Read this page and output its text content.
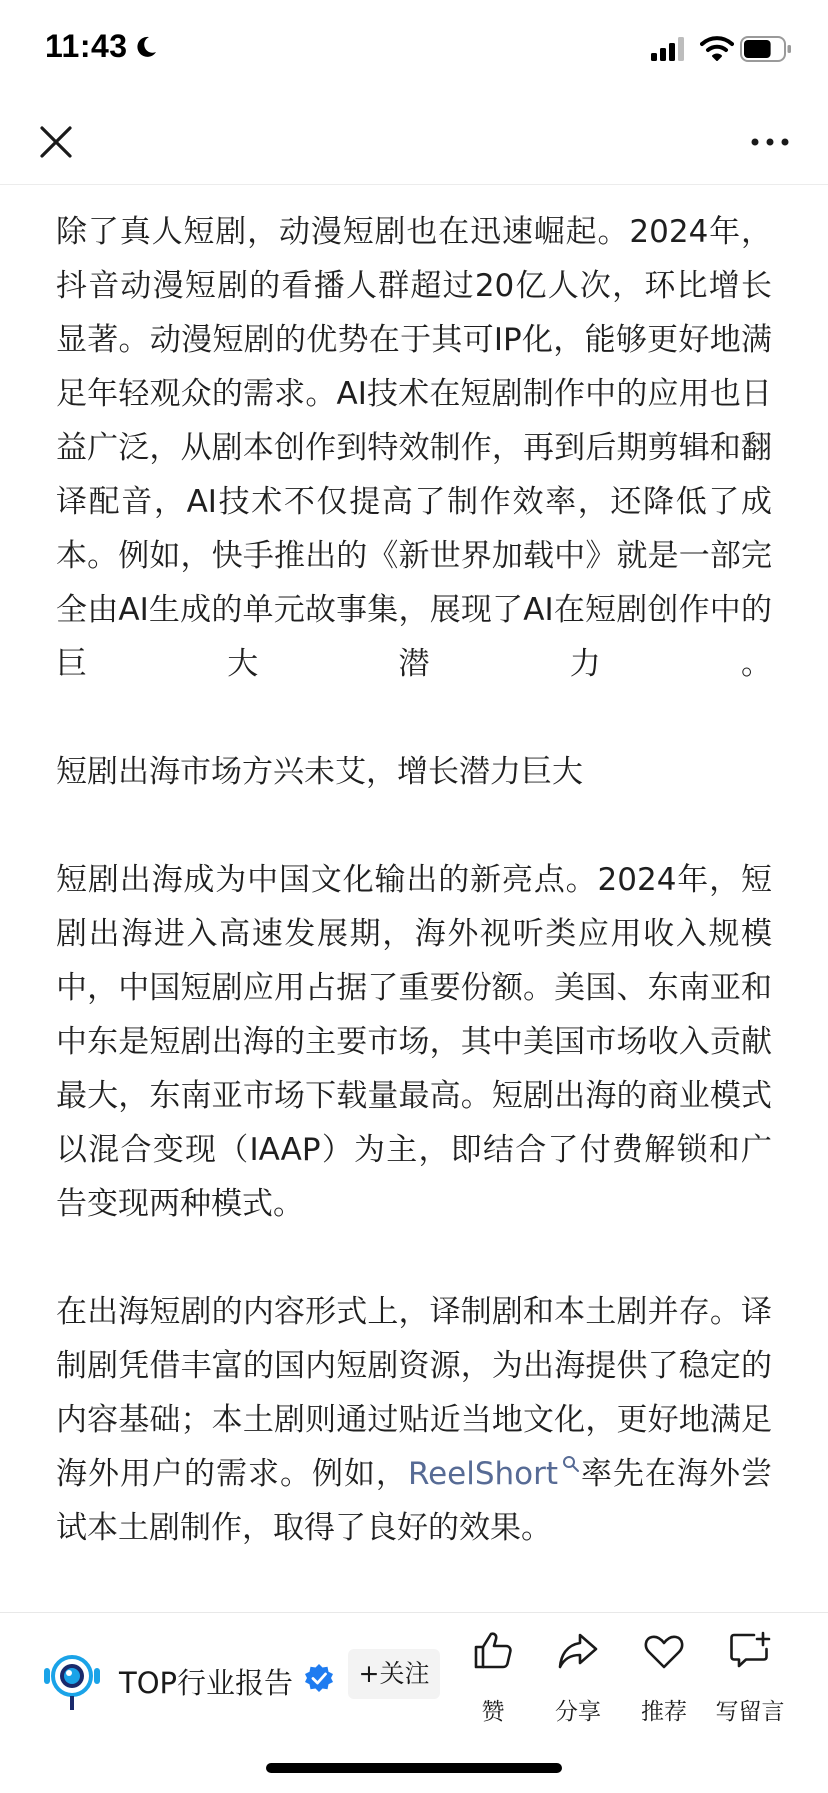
11:43

除了真人短剧，动漫短剧也在迅速崛起。2024年，抖音动漫短剧的看播人群超过20亿人次，环比增长显著。动漫短剧的优势在于其可IP化，能够更好地满足年轻观众的需求。AI技术在短剧制作中的应用也日益广泛，从剧本创作到特效制作，再到后期剪辑和翻译配音，AI技术不仅提高了制作效率，还降低了成本。例如，快手推出的《新世界加载中》就是一部完全由AI生成的单元故事集，展现了AI在短剧创作中的巨大潜力。

短剧出海市场方兴未艾，增长潜力巨大

短剧出海成为中国文化输出的新亮点。2024年，短剧出海进入高速发展期，海外视听类应用收入规模中，中国短剧应用占据了重要份额。美国、东南亚和中东是短剧出海的主要市场，其中美国市场收入贡献最大，东南亚市场下载量最高。短剧出海的商业模式以混合变现（IAAP）为主，即结合了付费解锁和广告变现两种模式。

在出海短剧的内容形式上，译制剧和本土剧并存。译制剧凭借丰富的国内短剧资源，为出海提供了稳定的内容基础；本土剧则通过贴近当地文化，更好地满足海外用户的需求。例如，ReelShort 率先在海外尝试本土剧制作，取得了良好的效果。

TOP行业报告	+关注
赞	分享	推荐	写留言
